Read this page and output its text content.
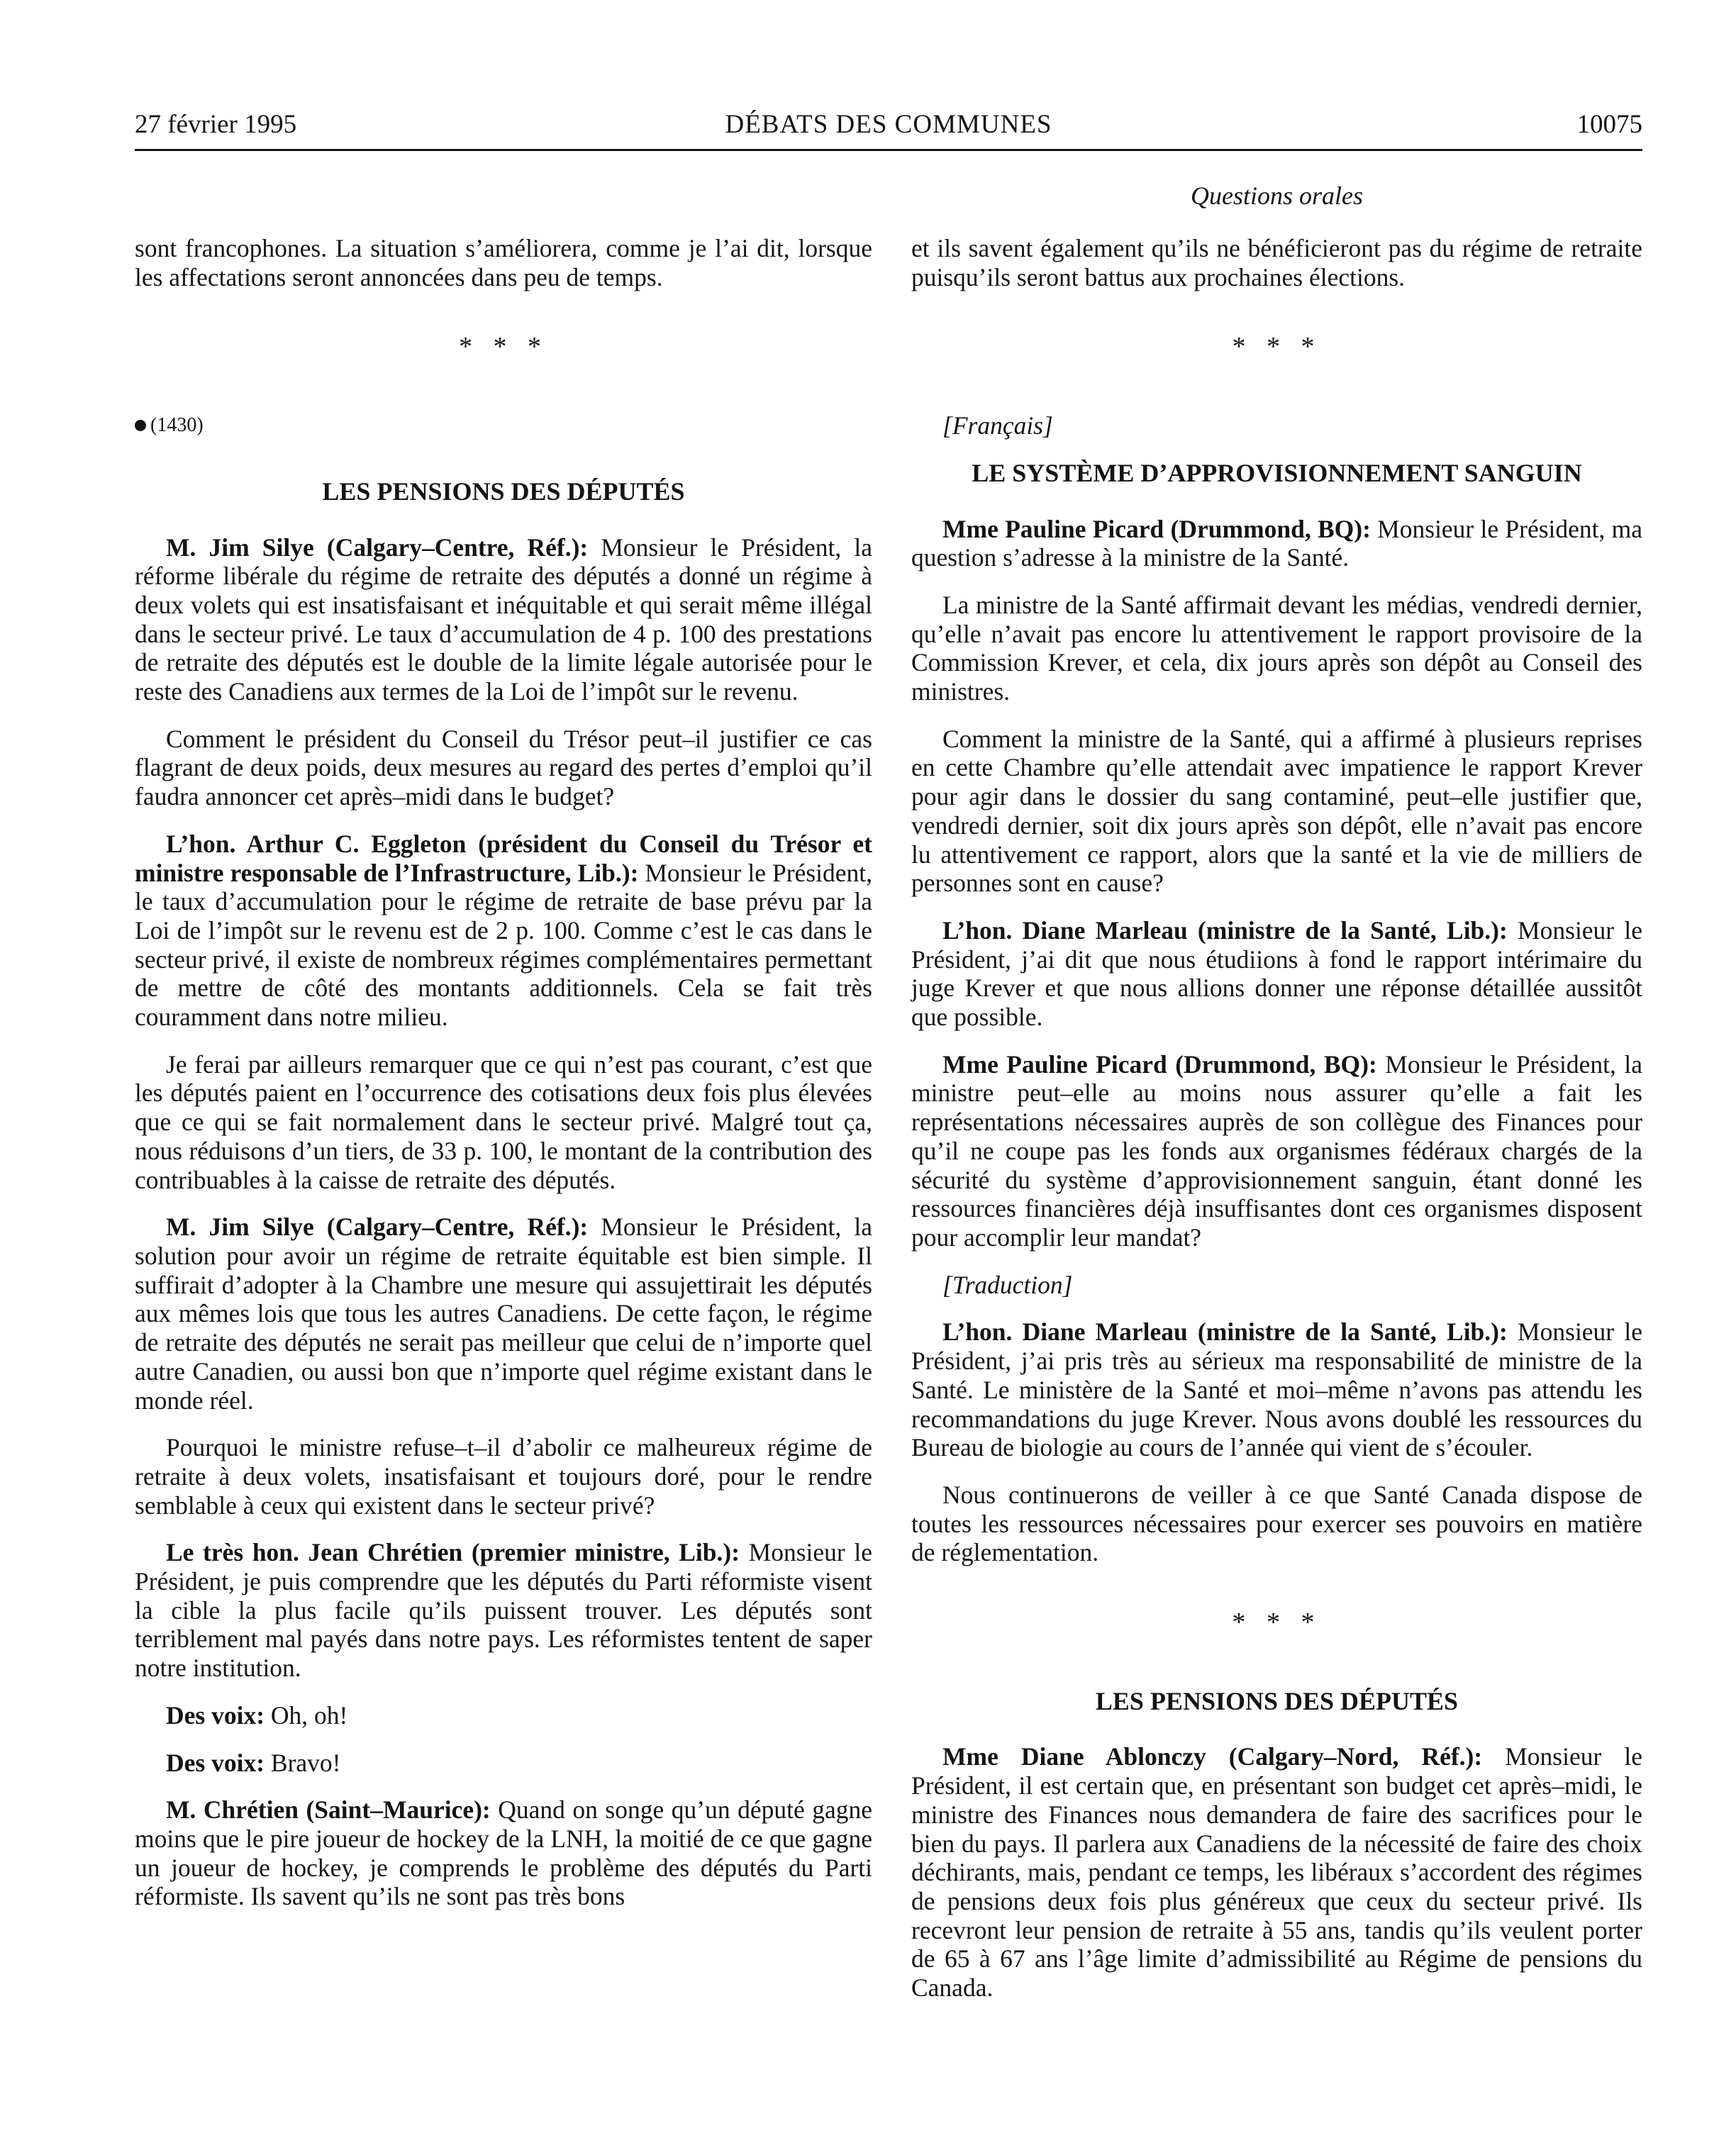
27 février 1995	DÉBATS DES COMMUNES	10075
Questions orales

sont francophones. La situation s’améliorera, comme je l’ai dit, lorsque les affectations seront annoncées dans peu de temps.

* * *
(1430)
LES PENSIONS DES DÉPUTÉS

M. Jim Silye (Calgary–Centre, Réf.): Monsieur le Président, la réforme libérale du régime de retraite des députés a donné un régime à deux volets qui est insatisfaisant et inéquitable et qui serait même illégal dans le secteur privé. Le taux d’accumulation de 4 p. 100 des prestations de retraite des députés est le double de la limite légale autorisée pour le reste des Canadiens aux termes de la Loi de l’impôt sur le revenu.

Comment le président du Conseil du Trésor peut–il justifier ce cas flagrant de deux poids, deux mesures au regard des pertes d’emploi qu’il faudra annoncer cet après–midi dans le budget?

L’hon. Arthur C. Eggleton (président du Conseil du Trésor et ministre responsable de l’Infrastructure, Lib.): Monsieur le Président, le taux d’accumulation pour le régime de retraite de base prévu par la Loi de l’impôt sur le revenu est de 2 p. 100. Comme c’est le cas dans le secteur privé, il existe de nombreux régimes complémentaires permettant de mettre de côté des montants additionnels. Cela se fait très couramment dans notre milieu.

Je ferai par ailleurs remarquer que ce qui n’est pas courant, c’est que les députés paient en l’occurrence des cotisations deux fois plus élevées que ce qui se fait normalement dans le secteur privé. Malgré tout ça, nous réduisons d’un tiers, de 33 p. 100, le montant de la contribution des contribuables à la caisse de retraite des députés.

M. Jim Silye (Calgary–Centre, Réf.): Monsieur le Président, la solution pour avoir un régime de retraite équitable est bien simple. Il suffirait d’adopter à la Chambre une mesure qui assujettirait les députés aux mêmes lois que tous les autres Canadiens. De cette façon, le régime de retraite des députés ne serait pas meilleur que celui de n’importe quel autre Canadien, ou aussi bon que n’importe quel régime existant dans le monde réel.

Pourquoi le ministre refuse–t–il d’abolir ce malheureux régime de retraite à deux volets, insatisfaisant et toujours doré, pour le rendre semblable à ceux qui existent dans le secteur privé?

Le très hon. Jean Chrétien (premier ministre, Lib.): Monsieur le Président, je puis comprendre que les députés du Parti réformiste visent la cible la plus facile qu’ils puissent trouver. Les députés sont terriblement mal payés dans notre pays. Les réformistes tentent de saper notre institution.

Des voix: Oh, oh!

Des voix: Bravo!

M. Chrétien (Saint–Maurice): Quand on songe qu’un député gagne moins que le pire joueur de hockey de la LNH, la moitié de ce que gagne un joueur de hockey, je comprends le problème des députés du Parti réformiste. Ils savent qu’ils ne sont pas très bons

et ils savent également qu’ils ne bénéficieront pas du régime de retraite puisqu’ils seront battus aux prochaines élections.

* * *

[Français]

LE SYSTÈME D’APPROVISIONNEMENT SANGUIN

Mme Pauline Picard (Drummond, BQ): Monsieur le Président, ma question s’adresse à la ministre de la Santé.

La ministre de la Santé affirmait devant les médias, vendredi dernier, qu’elle n’avait pas encore lu attentivement le rapport provisoire de la Commission Krever, et cela, dix jours après son dépôt au Conseil des ministres.

Comment la ministre de la Santé, qui a affirmé à plusieurs reprises en cette Chambre qu’elle attendait avec impatience le rapport Krever pour agir dans le dossier du sang contaminé, peut–elle justifier que, vendredi dernier, soit dix jours après son dépôt, elle n’avait pas encore lu attentivement ce rapport, alors que la santé et la vie de milliers de personnes sont en cause?

L’hon. Diane Marleau (ministre de la Santé, Lib.): Monsieur le Président, j’ai dit que nous étudiions à fond le rapport intérimaire du juge Krever et que nous allions donner une réponse détaillée aussitôt que possible.

Mme Pauline Picard (Drummond, BQ): Monsieur le Président, la ministre peut–elle au moins nous assurer qu’elle a fait les représentations nécessaires auprès de son collègue des Finances pour qu’il ne coupe pas les fonds aux organismes fédéraux chargés de la sécurité du système d’approvisionnement sanguin, étant donné les ressources financières déjà insuffisantes dont ces organismes disposent pour accomplir leur mandat?

[Traduction]

L’hon. Diane Marleau (ministre de la Santé, Lib.): Monsieur le Président, j’ai pris très au sérieux ma responsabilité de ministre de la Santé. Le ministère de la Santé et moi–même n’avons pas attendu les recommandations du juge Krever. Nous avons doublé les ressources du Bureau de biologie au cours de l’année qui vient de s’écouler.

Nous continuerons de veiller à ce que Santé Canada dispose de toutes les ressources nécessaires pour exercer ses pouvoirs en matière de réglementation.

* * *
LES PENSIONS DES DÉPUTÉS

Mme Diane Ablonczy (Calgary–Nord, Réf.): Monsieur le Président, il est certain que, en présentant son budget cet après–midi, le ministre des Finances nous demandera de faire des sacrifices pour le bien du pays. Il parlera aux Canadiens de la nécessité de faire des choix déchirants, mais, pendant ce temps, les libéraux s’accordent des régimes de pensions deux fois plus généreux que ceux du secteur privé. Ils recevront leur pension de retraite à 55 ans, tandis qu’ils veulent porter de 65 à 67 ans l’âge limite d’admissibilité au Régime de pensions du Canada.
